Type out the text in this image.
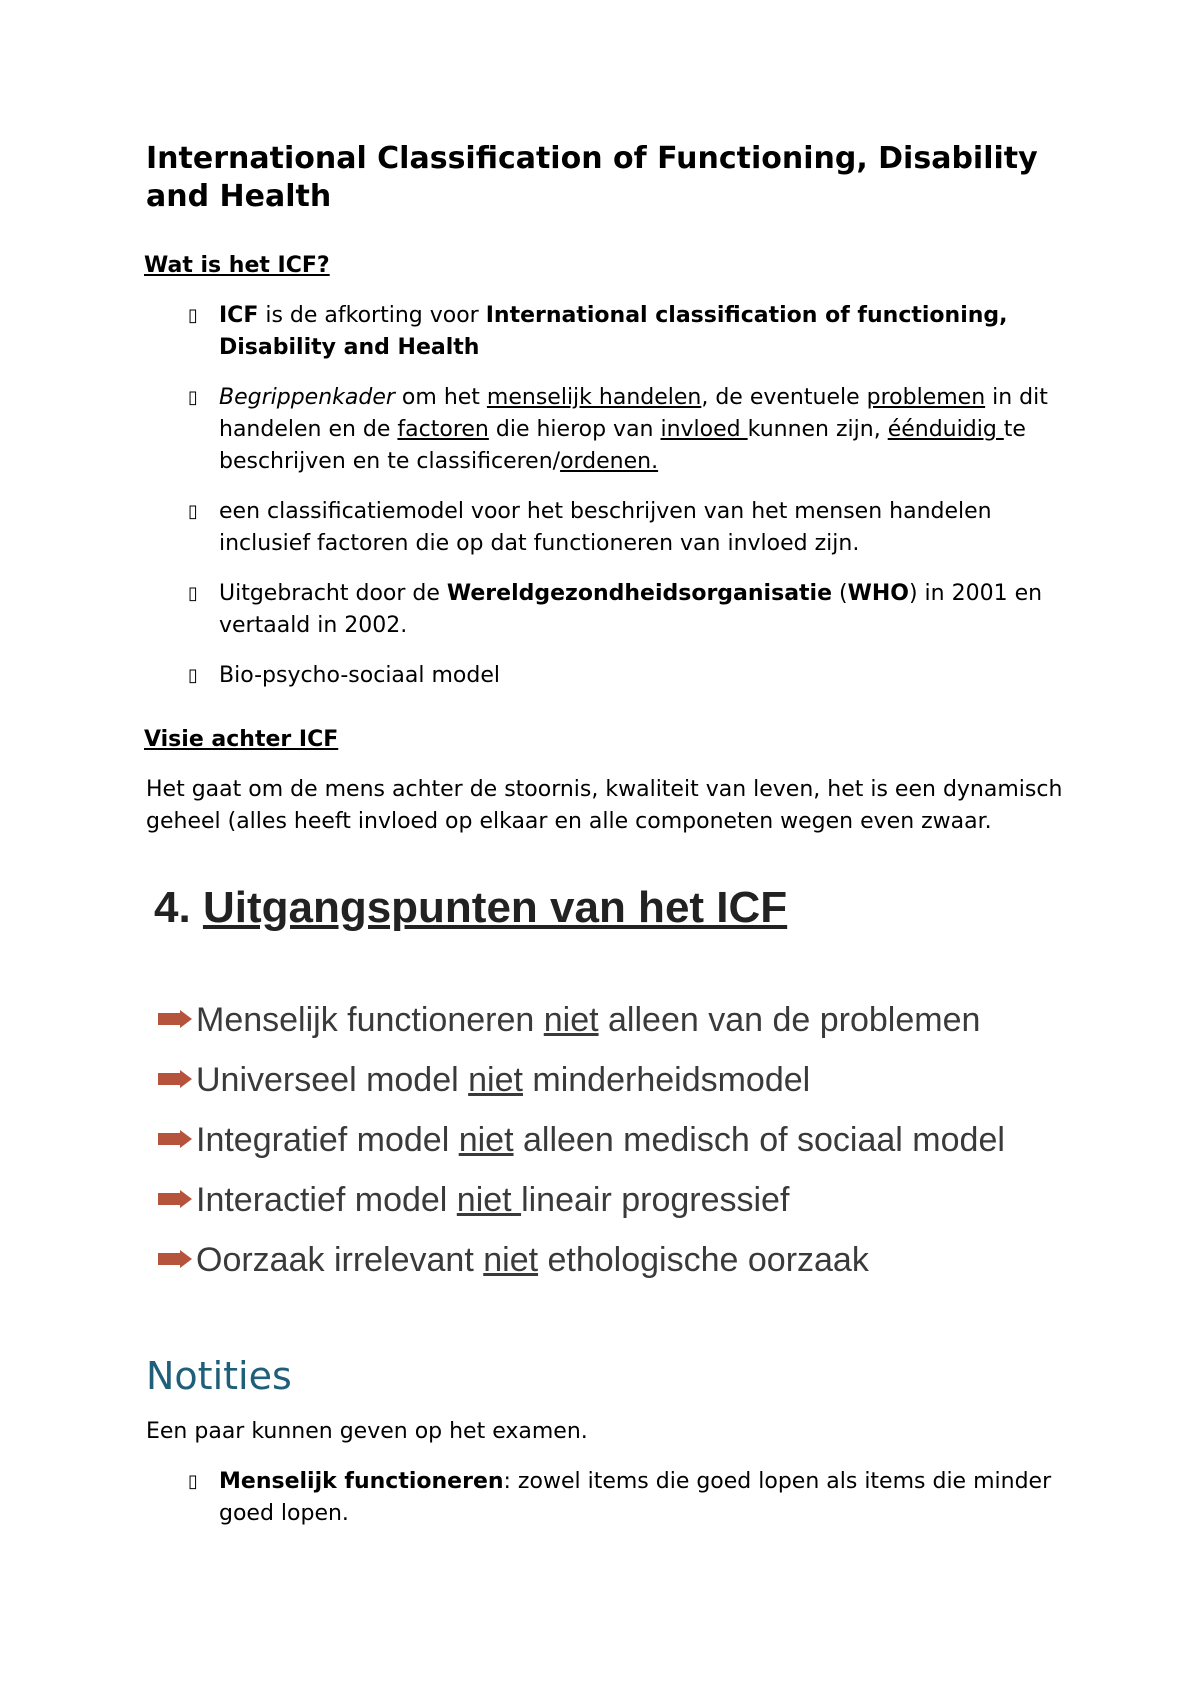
International Classification of Functioning, Disability and Health
Wat is het ICF?
▯ ICF is de afkorting voor International classification of functioning, Disability and Health
▯ Begrippenkader om het menselijk handelen, de eventuele problemen in dit handelen en de factoren die hierop van invloed kunnen zijn, éénduidig te beschrijven en te classificeren/ordenen.
▯ een classificatiemodel voor het beschrijven van het mensen handelen inclusief factoren die op dat functioneren van invloed zijn.
▯ Uitgebracht door de Wereldgezondheidsorganisatie (WHO) in 2001 en vertaald in 2002.
▯ Bio-psycho-sociaal model
Visie achter ICF

Het gaat om de mens achter de stoornis, kwaliteit van leven, het is een dynamisch geheel (alles heeft invloed op elkaar en alle componeten wegen even zwaar.

4. Uitgangspunten van het ICF
Menselijk functioneren niet alleen van de problemen
Universeel model niet minderheidsmodel
Integratief model niet alleen medisch of sociaal model
Interactief model niet lineair progressief
Oorzaak irrelevant niet ethologische oorzaak
Notities

Een paar kunnen geven op het examen.

▯ Menselijk functioneren: zowel items die goed lopen als items die minder goed lopen.
